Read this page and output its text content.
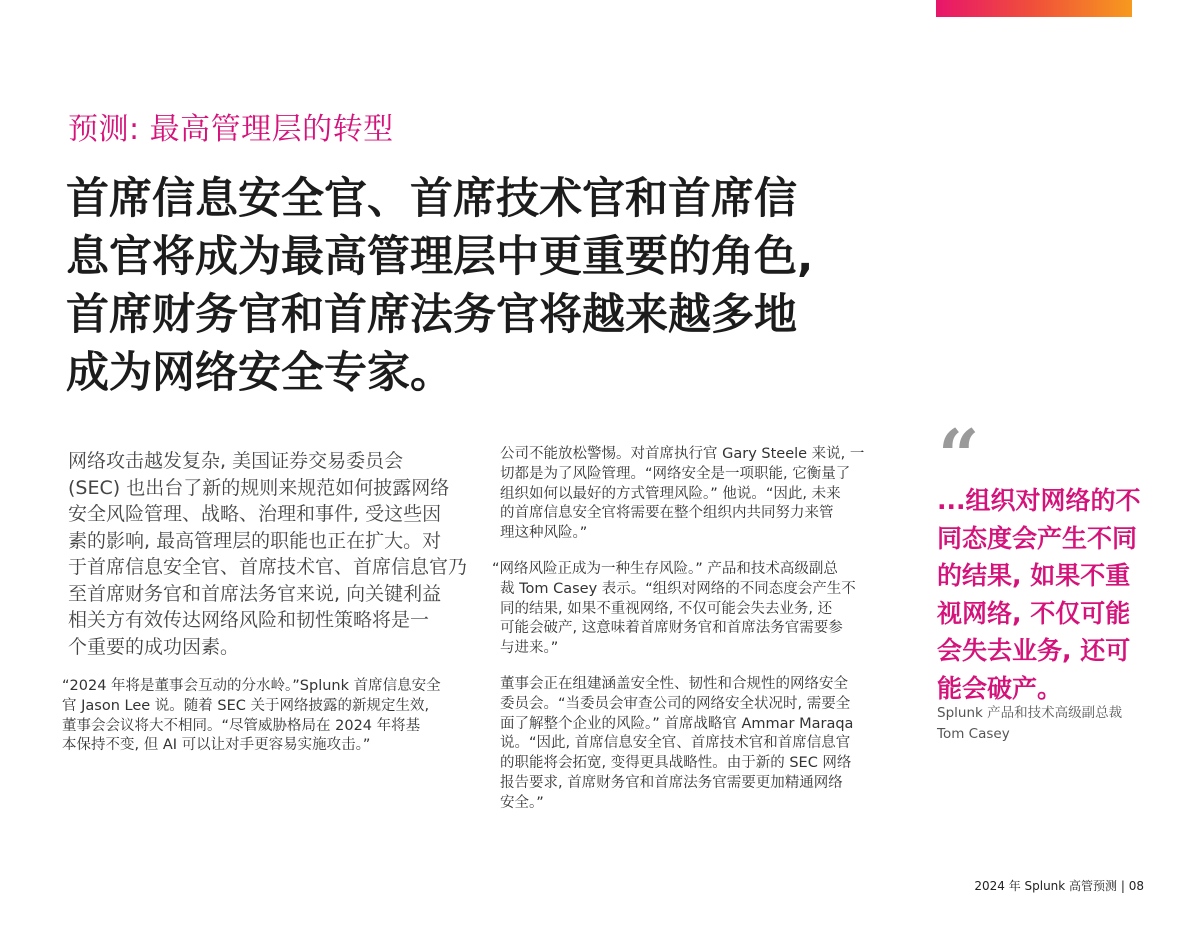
预测: 最高管理层的转型
首席信息安全官、首席技术官和首席信
息官将成为最高管理层中更重要的角色,
首席财务官和首席法务官将越来越多地
成为网络安全专家。
网络攻击越发复杂, 美国证券交易委员会
(SEC) 也出台了新的规则来规范如何披露网络
安全风险管理、战略、治理和事件, 受这些因
素的影响, 最高管理层的职能也正在扩大。对
于首席信息安全官、首席技术官、首席信息官乃
至首席财务官和首席法务官来说, 向关键利益
相关方有效传达网络风险和韧性策略将是一
个重要的成功因素。
“2024 年将是董事会互动的分水岭。”Splunk 首席信息安全
官 Jason Lee 说。随着 SEC 关于网络披露的新规定生效,
董事会会议将大不相同。“尽管威胁格局在 2024 年将基
本保持不变, 但 AI 可以让对手更容易实施攻击。”
公司不能放松警惕。对首席执行官 Gary Steele 来说, 一
切都是为了风险管理。“网络安全是一项职能, 它衡量了
组织如何以最好的方式管理风险。” 他说。“因此, 未来
的首席信息安全官将需要在整个组织内共同努力来管
理这种风险。”
“网络风险正成为一种生存风险。” 产品和技术高级副总
裁 Tom Casey 表示。“组织对网络的不同态度会产生不
同的结果, 如果不重视网络, 不仅可能会失去业务, 还
可能会破产, 这意味着首席财务官和首席法务官需要参
与进来。”
董事会正在组建涵盖安全性、韧性和合规性的网络安全
委员会。“当委员会审查公司的网络安全状况时, 需要全
面了解整个企业的风险。” 首席战略官 Ammar Maraqa
说。“因此, 首席信息安全官、首席技术官和首席信息官
的职能将会拓宽, 变得更具战略性。由于新的 SEC 网络
报告要求, 首席财务官和首席法务官需要更加精通网络
安全。”
“
...组织对网络的不
同态度会产生不同
的结果, 如果不重
视网络, 不仅可能
会失去业务, 还可
能会破产。
Splunk 产品和技术高级副总裁
Tom Casey
2024 年 Splunk 高管预测 | 08
